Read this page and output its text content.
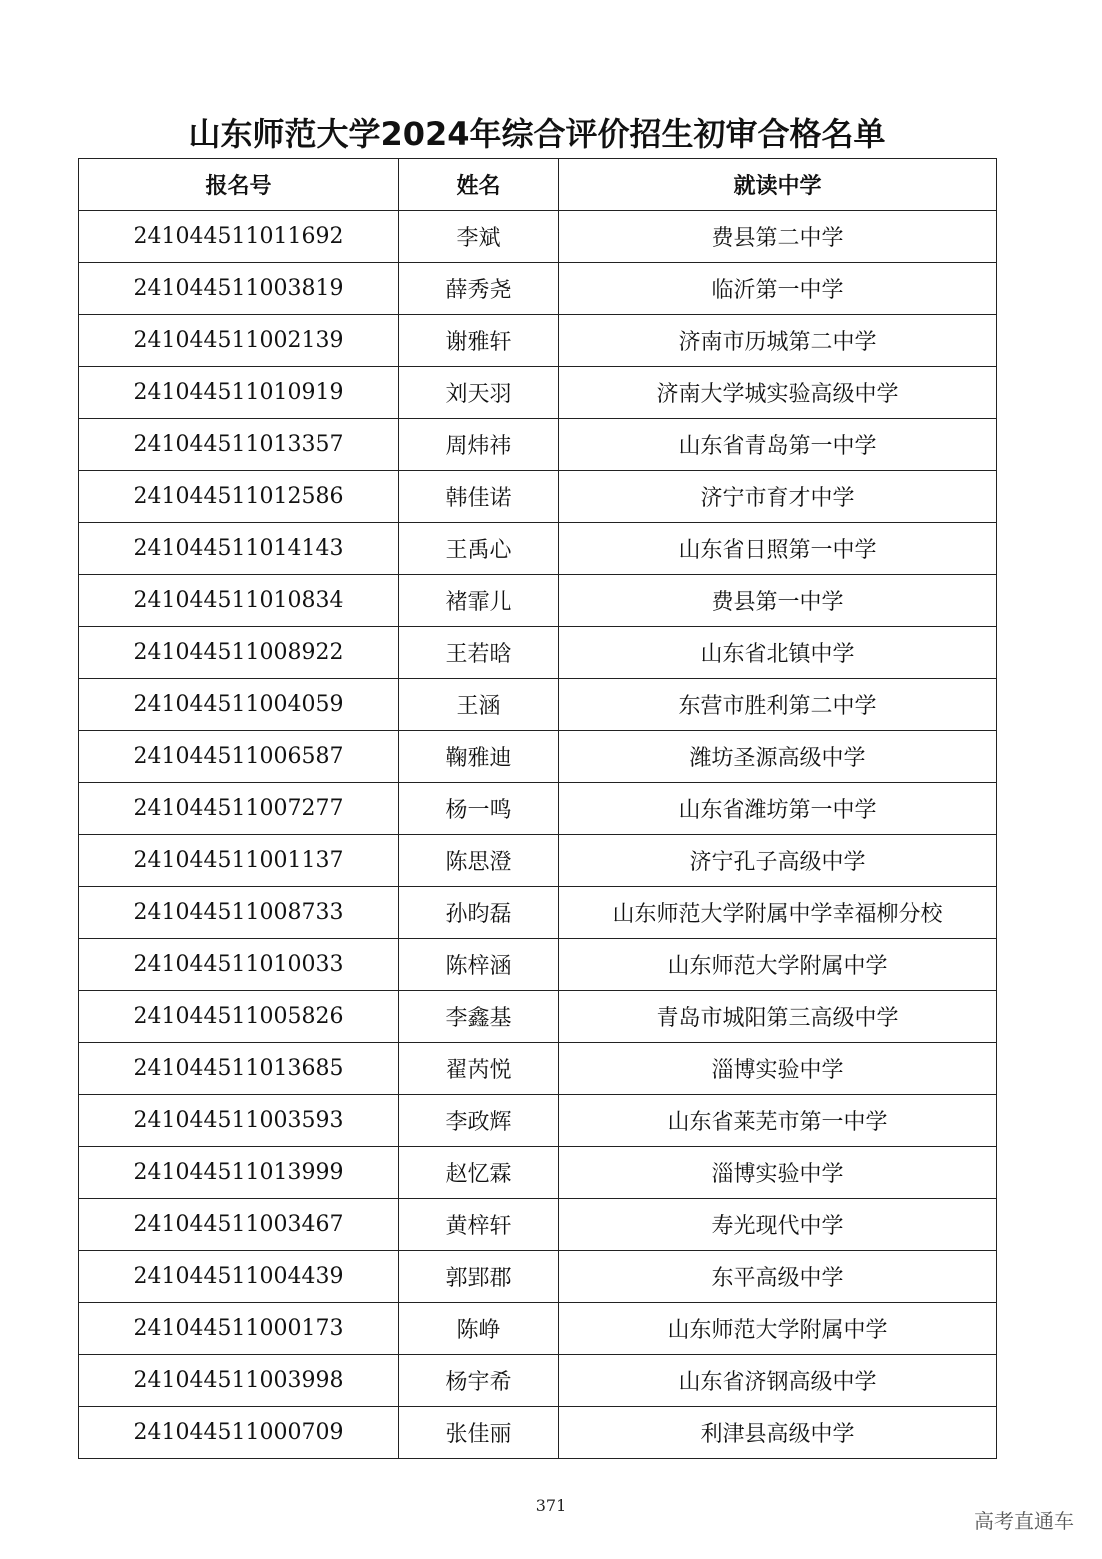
山东师范大学2024年综合评价招生初审合格名单
报名号	姓名	就读中学
241044511011692	李斌	费县第二中学
241044511003819	薛秀尧	临沂第一中学
241044511002139	谢雅轩	济南市历城第二中学
241044511010919	刘天羽	济南大学城实验高级中学
241044511013357	周炜祎	山东省青岛第一中学
241044511012586	韩佳诺	济宁市育才中学
241044511014143	王禹心	山东省日照第一中学
241044511010834	褚霏儿	费县第一中学
241044511008922	王若晗	山东省北镇中学
241044511004059	王涵	东营市胜利第二中学
241044511006587	鞠雅迪	潍坊圣源高级中学
241044511007277	杨一鸣	山东省潍坊第一中学
241044511001137	陈思澄	济宁孔子高级中学
241044511008733	孙昀磊	山东师范大学附属中学幸福柳分校
241044511010033	陈梓涵	山东师范大学附属中学
241044511005826	李鑫基	青岛市城阳第三高级中学
241044511013685	翟芮悦	淄博实验中学
241044511003593	李政辉	山东省莱芜市第一中学
241044511013999	赵忆霖	淄博实验中学
241044511003467	黄梓轩	寿光现代中学
241044511004439	郭郢郡	东平高级中学
241044511000173	陈峥	山东师范大学附属中学
241044511003998	杨宇希	山东省济钢高级中学
241044511000709	张佳丽	利津县高级中学
371
高考直通车
